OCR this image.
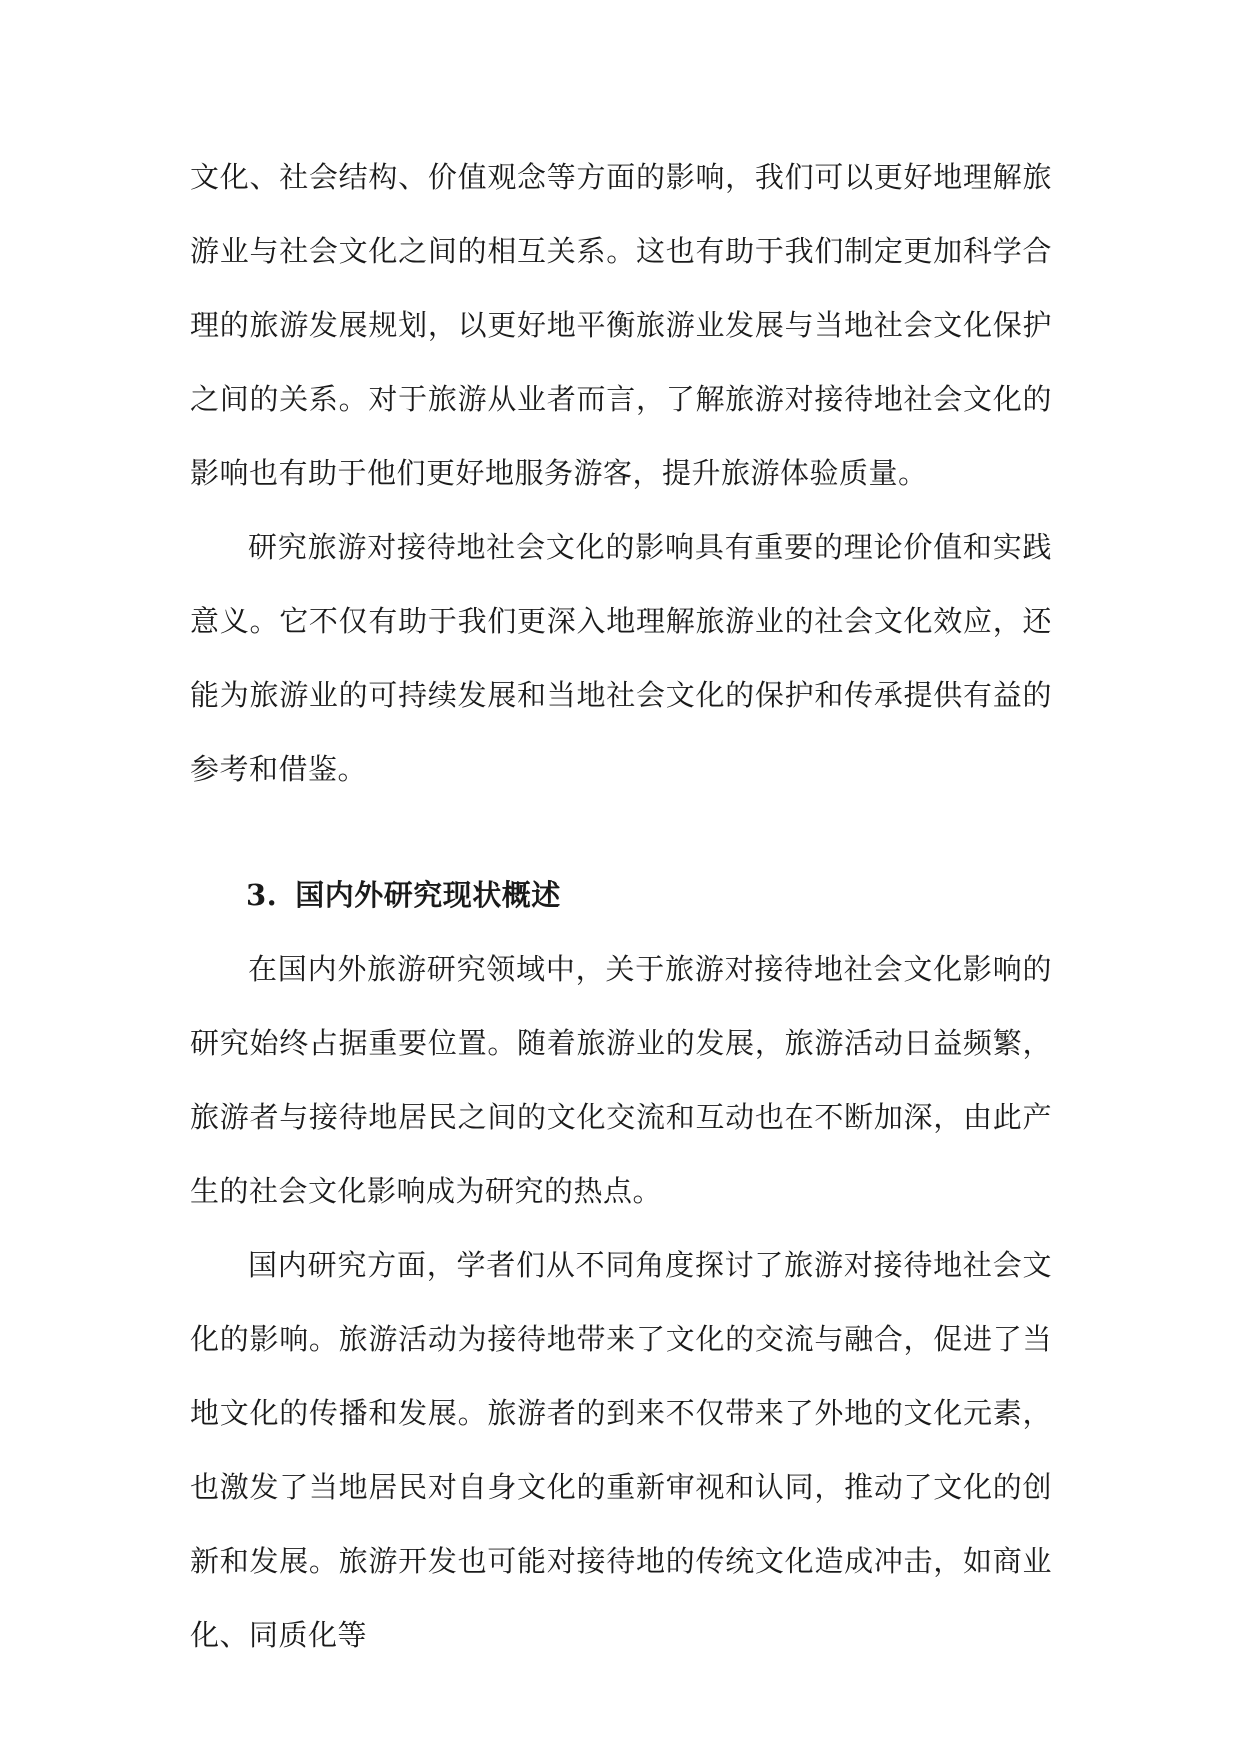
文化、社会结构、价值观念等方面的影响，我们可以更好地理解旅游业与社会文化之间的相互关系。这也有助于我们制定更加科学合理的旅游发展规划，以更好地平衡旅游业发展与当地社会文化保护之间的关系。对于旅游从业者而言，了解旅游对接待地社会文化的影响也有助于他们更好地服务游客，提升旅游体验质量。

研究旅游对接待地社会文化的影响具有重要的理论价值和实践意义。它不仅有助于我们更深入地理解旅游业的社会文化效应，还能为旅游业的可持续发展和当地社会文化的保护和传承提供有益的参考和借鉴。

3. 国内外研究现状概述

在国内外旅游研究领域中，关于旅游对接待地社会文化影响的研究始终占据重要位置。随着旅游业的发展，旅游活动日益频繁，旅游者与接待地居民之间的文化交流和互动也在不断加深，由此产生的社会文化影响成为研究的热点。

国内研究方面，学者们从不同角度探讨了旅游对接待地社会文化的影响。旅游活动为接待地带来了文化的交流与融合，促进了当地文化的传播和发展。旅游者的到来不仅带来了外地的文化元素，也激发了当地居民对自身文化的重新审视和认同，推动了文化的创新和发展。旅游开发也可能对接待地的传统文化造成冲击，如商业化、同质化等
